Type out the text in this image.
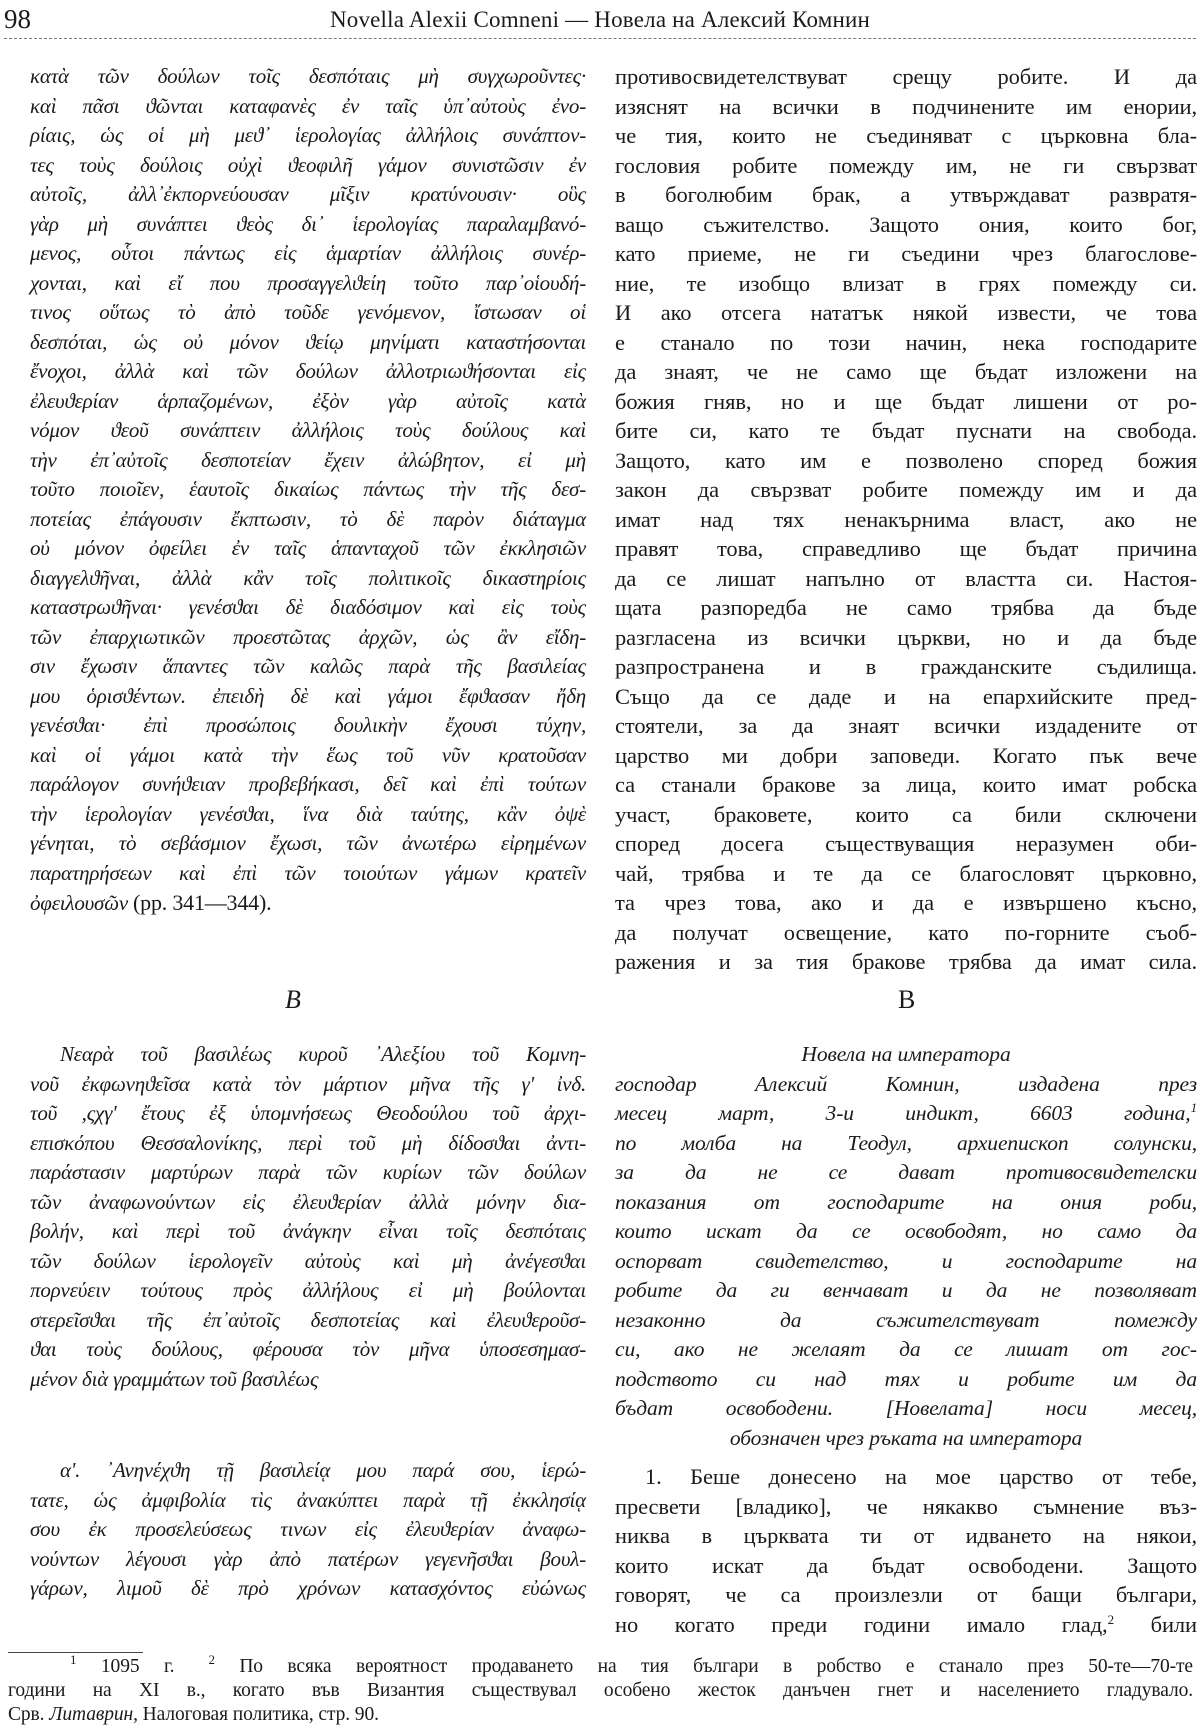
98	Novella Alexii Comneni — Новела на Алексий Комнин
κατὰ τῶν δούλων τοῖς δεσπόταις μὴ συγχωροῦντες·
καὶ πᾶσι ϑῶνται καταφανὲς ἐν ταῖς ὑπ᾽αὐτοὺς ἐνο-
ρίαις, ὡς οἱ μὴ μεϑ᾽ ἱερολογίας ἀλλήλοις συνάπτον-
τες τοὺς δούλοις οὐχὶ ϑεοφιλῆ γάμον συνιστῶσιν ἐν
αὐτοῖς, ἀλλ᾽ἐκπορνεύουσαν μῖξιν κρατύνουσιν· οὓς
γὰρ μὴ συνάπτει ϑεὸς δι᾽ ἱερολογίας παραλαμβανό-
μενος, οὗτοι πάντως εἰς ἁμαρτίαν ἀλλήλοις συνέρ-
χονται, καὶ εἴ που προσαγγελϑείη τοῦτο παρ᾽οἱουδή-
τινος οὕτως τὸ ἀπὸ τοῦδε γενόμενον, ἴστωσαν οἱ
δεσπόται, ὡς οὐ μόνον ϑείῳ μηνίματι καταστήσονται
ἔνοχοι, ἀλλὰ καὶ τῶν δούλων ἀλλοτριωϑήσονται εἰς
ἐλευϑερίαν ἁρπαζομένων, ἐξὸν γὰρ αὐτοῖς κατὰ
νόμον ϑεοῦ συνάπτειν ἀλλήλοις τοὺς δούλους καὶ
τὴν ἐπ᾽αὐτοῖς δεσποτείαν ἔχειν ἀλώβητον, εἰ μὴ
τοῦτο ποιοῖεν, ἑαυτοῖς δικαίως πάντως τὴν τῆς δεσ-
ποτείας ἐπάγουσιν ἔκπτωσιν, τὸ δὲ παρὸν διάταγμα
οὐ μόνον ὀφείλει ἐν ταῖς ἁπανταχοῦ τῶν ἐκκλησιῶν
διαγγελϑῆναι, ἀλλὰ κἂν τοῖς πολιτικοῖς δικαστηρίοις
καταστρωϑῆναι· γενέσϑαι δὲ διαδόσιμον καὶ εἰς τοὺς
τῶν ἐπαρχιωτικῶν προεστῶτας ἀρχῶν, ὡς ἂν εἴδη-
σιν ἔχωσιν ἅπαντες τῶν καλῶς παρὰ τῆς βασιλείας
μου ὁρισϑέντων. ἐπειδὴ δὲ καὶ γάμοι ἔφϑασαν ἤδη
γενέσϑαι· ἐπὶ προσώποις δουλικὴν ἔχουσι τύχην,
καὶ οἱ γάμοι κατὰ τὴν ἕως τοῦ νῦν κρατοῦσαν
παράλογον συνήϑειαν προβεβήκασι, δεῖ καὶ ἐπὶ τούτων
τὴν ἱερολογίαν γενέσϑαι, ἵνα διὰ ταύτης, κἂν ὀψὲ
γένηται, τὸ σεβάσμιον ἔχωσι, τῶν ἀνωτέρω εἰρημένων
παρατηρήσεων καὶ ἐπὶ τῶν τοιούτων γάμων κρατεῖν
ὀφειλουσῶν (pp. 341—344).
противосвидетелствуват срещу робите. И да
изяснят на всички в подчинените им енории,
че тия, които не съединяват с църковна бла-
гословия робите помежду им, не ги свързват
в боголюбим брак, а утвърждават развратя-
ващо съжителство. Защото ония, които бог,
като приеме, не ги съедини чрез благослове-
ние, те изобщо влизат в грях помежду си.
И ако отсега нататък някой извести, че това
е станало по този начин, нека господарите
да знаят, че не само ще бъдат изложени на
божия гняв, но и ще бъдат лишени от ро-
бите си, като те бъдат пуснати на свобода.
Защото, като им е позволено според божия
закон да свързват робите помежду им и да
имат над тях ненакърнима власт, ако не
правят това, справедливо ще бъдат причина
да се лишат напълно от властта си. Настоя-
щата разпоредба не само трябва да бъде
разгласена из всички църкви, но и да бъде
разпространена и в гражданските съдилища.
Също да се даде и на епархийските пред-
стоятели, за да знаят всички издадените от
царство ми добри заповеди. Когато пък вече
са станали бракове за лица, които имат робска
участ, браковете, които са били сключени
според досега съществуващия неразумен оби-
чай, трябва и те да се благословят църковно,
та чрез това, ако и да е извършено късно,
да получат освещение, като по-горните съоб-
ражения и за тия бракове трябва да имат сила.
B	В
Νεαρὰ τοῦ βασιλέως κυροῦ ᾿Αλεξίου τοῦ Κομνη-
νοῦ ἐκφωνηϑεῖσα κατὰ τὸν μάρτιον μῆνα τῆς γʹ ἰνδ.
τοῦ ,ςχγʹ ἔτους ἐξ ὑπομνήσεως Θεοδούλου τοῦ ἀρχι-
επισκόπου Θεσσαλονίκης, περὶ τοῦ μὴ δίδοσϑαι ἀντι-
παράστασιν μαρτύρων παρὰ τῶν κυρίων τῶν δούλων
τῶν ἀναφωνούντων εἰς ἐλευϑερίαν ἀλλὰ μόνην δια-
βολήν, καὶ περὶ τοῦ ἀνάγκην εἶναι τοῖς δεσπόταις
τῶν δούλων ἱερολογεῖν αὐτοὺς καὶ μὴ ἀνέγεσϑαι
πορνεύειν τούτους πρὸς ἀλλήλους εἰ μὴ βούλονται
στερεῖσϑαι τῆς ἐπ᾽αὐτοῖς δεσποτείας καὶ ἐλευϑεροῦσ-
ϑαι τοὺς δούλους, φέρουσα τὸν μῆνα ὑποσεσημασ-
μένον διὰ γραμμάτων τοῦ βασιλέως
Новела на императора
господар Алексий Комнин, издадена през
месец март, 3-и индикт, 6603 година,$^1$
по молба на Теодул, архиепископ солунски,
за да не се дават противосвидетелски
показания от господарите на ония роби,
които искат да се освободят, но само да
оспорват свидетелство, и господарите на
робите да ги венчават и да не позволяват
незаконно да съжителствуват помежду
си, ако не желаят да се лишат от гос-
подството си над тях и робите им да
бъдат освободени. [Новелата] носи месец,
обозначен чрез ръката на императора
αʹ. ᾿Ανηνέχϑη τῇ βασιλείᾳ μου παρά σου, ἱερώ-
τατε, ὡς ἀμφιβολία τὶς ἀνακύπτει παρὰ τῇ ἐκκλησίᾳ
σου ἐκ προσελεύσεως τινων εἰς ἐλευϑερίαν ἀναφω-
νούντων λέγουσι γὰρ ἀπὸ πατέρων γεγενῆσϑαι βουλ-
γάρων, λιμοῦ δὲ πρὸ χρόνων κατασχόντος εὐώνως
1. Беше донесено на мое царство от тебе,
пресвети [владико], че някакво съмнение въз-
никва в църквата ти от идването на някои,
които искат да бъдат освободени. Защото
говорят, че са произлезли от бащи българи,
но когато преди години имало глад,$^2$ били
$^1$ 1095 г.	$^2$ По всяка вероятност продаването на тия българи в робство е станало през 50-те—70-те
години на XI в., когато във Византия съществувал особено жесток данъчен гнет и населението гладувало.
Срв. Литаврин, Налоговая политика, стр. 90.
